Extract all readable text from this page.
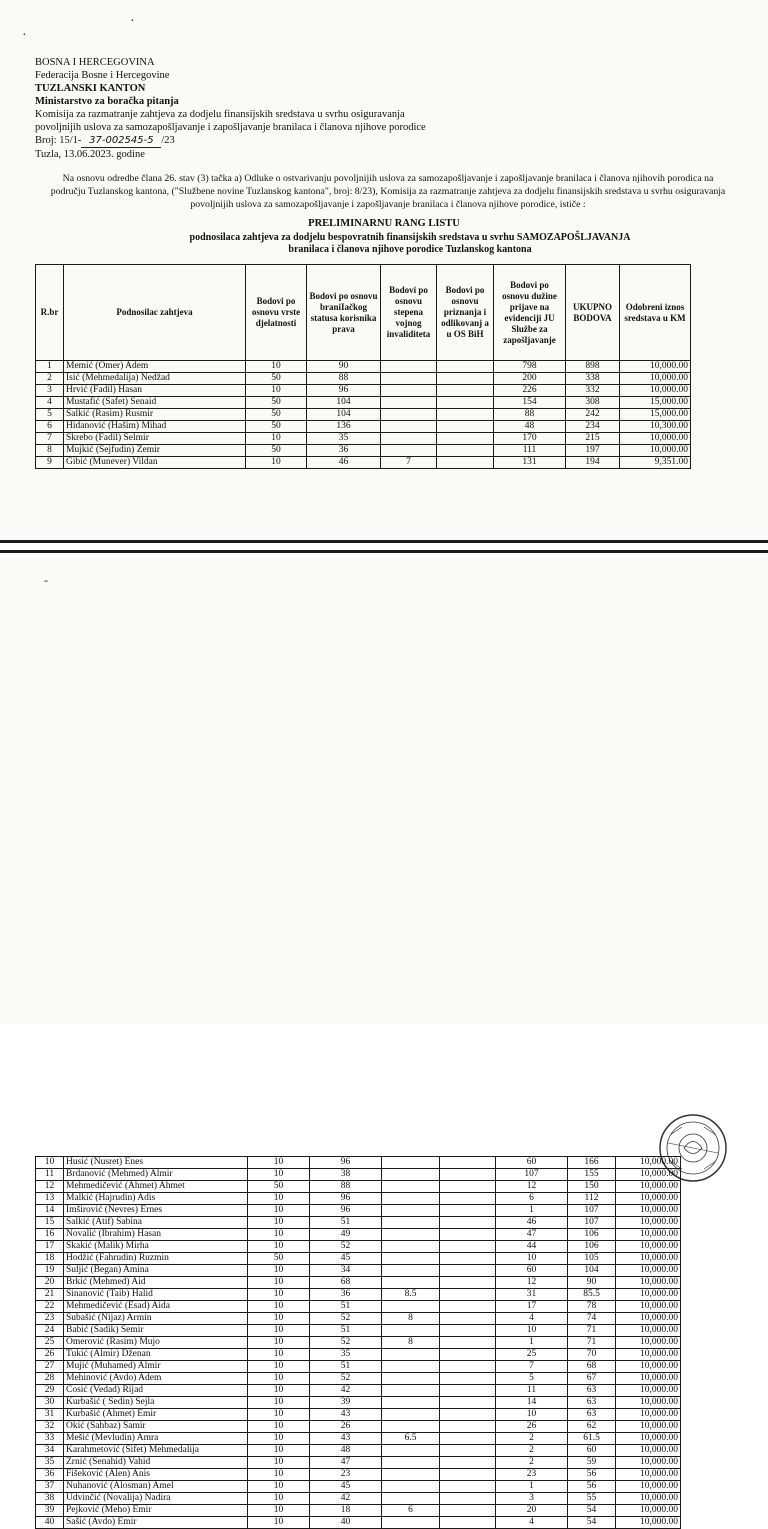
·
·
BOSNA I HERCEGOVINA
Federacija Bosne i Hercegovine
TUZLANSKI KANTON
Ministarstvo za boračka pitanja
Komisija za razmatranje zahtjeva za dodjelu finansijskih sredstava u svrhu osiguravanja
povoljnijih uslova za samozapošljavanje i zapošljavanje branilaca i članova njihove porodice
Broj: 15/1- 37-002545-5 /23
Tuzla, 13.06.2023. godine
Na osnovu odredbe člana 26. stav (3) tačka a) Odluke o ostvarivanju povoljnijih uslova za samozapošljavanje i zapošljavanje branilaca i članova njihovih porodica na području Tuzlanskog kantona, ("Službene novine Tuzlanskog kantona", broj: 8/23), Komisija za razmatranje zahtjeva za dodjelu finansijskih sredstava u svrhu osiguravanja povoljnijih uslova za samozapošljavanje i zapošljavanje branilaca i članova njihove porodice, ističe :
PRELIMINARNU RANG LISTU
podnosilaca zahtjeva za dodjelu bespovratnih finansijskih sredstava u svrhu SAMOZAPOŠLJAVANJA
branilaca i članova njihove porodice Tuzlanskog kantona
R.br	Podnosilac zahtjeva	Bodovi po osnovu vrste djelatnosti	Bodovi po osnovu braniIačkog statusa korisnika prava	Bodovi po osnovu stepena vojnog invaliditeta	Bodovi po osnovu priznanja i odlikovanj a u OS BiH	Bodovi po osnovu dužine prijave na evidenciji JU Službe za zapošljavanje	UKUPNO BODOVA	Odobreni iznos sredstava u KM
1	Memić (Omer) Adem	10	90			798	898	10,000.00
2	Isić (Mehmedalija) Nedžad	50	88			200	338	10,000.00
3	Hrvić (Fadil) Hasan	10	96			226	332	10,000.00
4	Mustafić (Safet) Senaid	50	104			154	308	15,000.00
5	Salkić (Rasim) Rusmir	50	104			88	242	15,000.00
6	Hidanović (Hašim) Mihad	50	136			48	234	10,300.00
7	Škrebo (Fadil) Selmir	10	35			170	215	10,000.00
8	Mujkić (Sejfudin) Zemir	50	36			111	197	10,000.00
9	Gibić (Munever) Vildan	10	46	7		131	194	9,351.00
-
10	Husić (Nusret) Enes	10	96			60	166	10,000.00
11	Brdanović (Mehmed) Almir	10	38			107	155	10,000.00
12	Mehmedičević (Ahmet) Ahmet	50	88			12	150	10,000.00
13	Malkić (Hajrudin) Adis	10	96			6	112	10,000.00
14	Imširović (Nevres) Ernes	10	96			1	107	10,000.00
15	Salkić (Atif) Sabina	10	51			46	107	10,000.00
16	Novalić (Ibrahim) Hasan	10	49			47	106	10,000.00
17	Skakić (Malik) Mirha	10	52			44	106	10,000.00
18	Hodžić (Fahrudin) Ruzmin	50	45			10	105	10,000.00
19	Suljić (Began) Amina	10	34			60	104	10,000.00
20	Brkić (Mehmed) Aid	10	68			12	90	10,000.00
21	Sinanović (Taib) Halid	10	36	8.5		31	85.5	10,000.00
22	Mehmedičević (Esad) Aida	10	51			17	78	10,000.00
23	Subašić (Nijaz) Armin	10	52	8		4	74	10,000.00
24	Babić (Sadik) Semir	10	51			10	71	10,000.00
25	Omerović (Rasim) Mujo	10	52	8		1	71	10,000.00
26	Tukić (Almir) Dženan	10	35			25	70	10,000.00
27	Mujić (Muhamed) Almir	10	51			7	68	10,000.00
28	Mehinović (Avdo) Adem	10	52			5	67	10,000.00
29	Ćosić (Vedad) Rijad	10	42			11	63	10,000.00
30	Kurbašić ( Sedin) Šejla	10	39			14	63	10,000.00
31	Kurbašić (Ahmet) Emir	10	43			10	63	10,000.00
32	Okić (Šahbaz) Samir	10	26			26	62	10,000.00
33	Mešić (Mevludin) Amra	10	43	6.5		2	61.5	10,000.00
34	Karahmetović (Sifet) Mehmedalija	10	48			2	60	10,000.00
35	Zrnić (Senahid) Vahid	10	47			2	59	10,000.00
36	Fišeković (Alen) Anis	10	23			23	56	10,000.00
37	Nuhanović (Alosman) Amel	10	45			1	56	10,000.00
38	Udvinčić (Novalija) Nadira	10	42			3	55	10,000.00
39	Pejković (Meho) Emir	10	18	6		20	54	10,000.00
40	Šašić (Avdo) Emir	10	40			4	54	10,000.00
